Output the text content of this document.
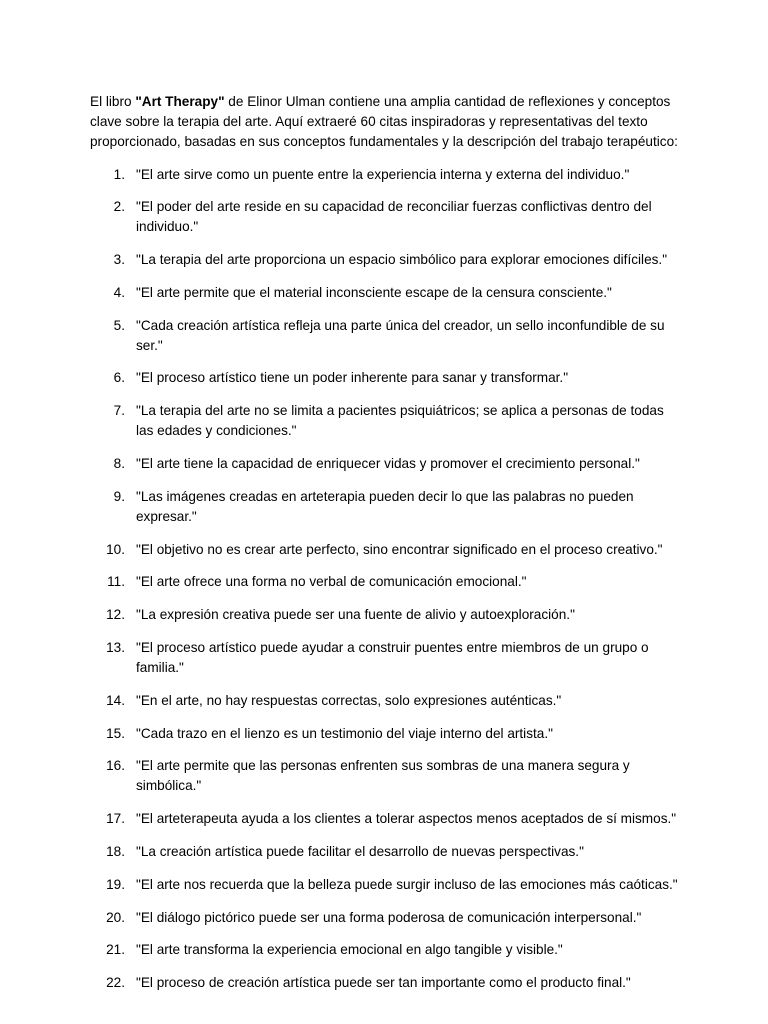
El libro "Art Therapy" de Elinor Ulman contiene una amplia cantidad de reflexiones y conceptos clave sobre la terapia del arte. Aquí extraeré 60 citas inspiradoras y representativas del texto proporcionado, basadas en sus conceptos fundamentales y la descripción del trabajo terapéutico:

1. "El arte sirve como un puente entre la experiencia interna y externa del individuo."
2. "El poder del arte reside en su capacidad de reconciliar fuerzas conflictivas dentro del individuo."
3. "La terapia del arte proporciona un espacio simbólico para explorar emociones difíciles."
4. "El arte permite que el material inconsciente escape de la censura consciente."
5. "Cada creación artística refleja una parte única del creador, un sello inconfundible de su ser."
6. "El proceso artístico tiene un poder inherente para sanar y transformar."
7. "La terapia del arte no se limita a pacientes psiquiátricos; se aplica a personas de todas las edades y condiciones."
8. "El arte tiene la capacidad de enriquecer vidas y promover el crecimiento personal."
9. "Las imágenes creadas en arteterapia pueden decir lo que las palabras no pueden expresar."
10. "El objetivo no es crear arte perfecto, sino encontrar significado en el proceso creativo."
11. "El arte ofrece una forma no verbal de comunicación emocional."
12. "La expresión creativa puede ser una fuente de alivio y autoexploración."
13. "El proceso artístico puede ayudar a construir puentes entre miembros de un grupo o familia."
14. "En el arte, no hay respuestas correctas, solo expresiones auténticas."
15. "Cada trazo en el lienzo es un testimonio del viaje interno del artista."
16. "El arte permite que las personas enfrenten sus sombras de una manera segura y simbólica."
17. "El arteterapeuta ayuda a los clientes a tolerar aspectos menos aceptados de sí mismos."
18. "La creación artística puede facilitar el desarrollo de nuevas perspectivas."
19. "El arte nos recuerda que la belleza puede surgir incluso de las emociones más caóticas."
20. "El diálogo pictórico puede ser una forma poderosa de comunicación interpersonal."
21. "El arte transforma la experiencia emocional en algo tangible y visible."
22. "El proceso de creación artística puede ser tan importante como el producto final."
